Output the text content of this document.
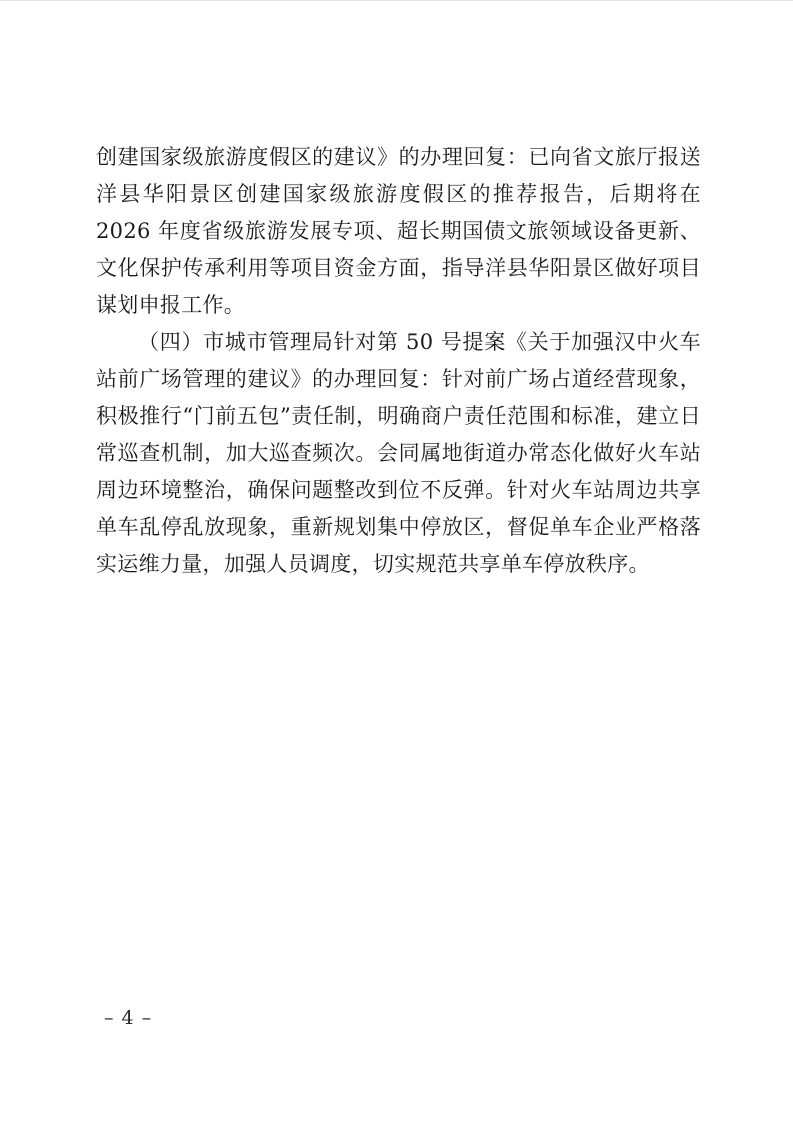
创建国家级旅游度假区的建议》的办理回复：已向省文旅厅报送洋县华阳景区创建国家级旅游度假区的推荐报告，后期将在 2026 年度省级旅游发展专项、超长期国债文旅领域设备更新、文化保护传承利用等项目资金方面，指导洋县华阳景区做好项目谋划申报工作。

（四）市城市管理局针对第 50 号提案《关于加强汉中火车站前广场管理的建议》的办理回复：针对前广场占道经营现象，积极推行“门前五包”责任制，明确商户责任范围和标准，建立日常巡查机制，加大巡查频次。会同属地街道办常态化做好火车站周边环境整治，确保问题整改到位不反弹。针对火车站周边共享单车乱停乱放现象，重新规划集中停放区，督促单车企业严格落实运维力量，加强人员调度，切实规范共享单车停放秩序。

– 4 –
